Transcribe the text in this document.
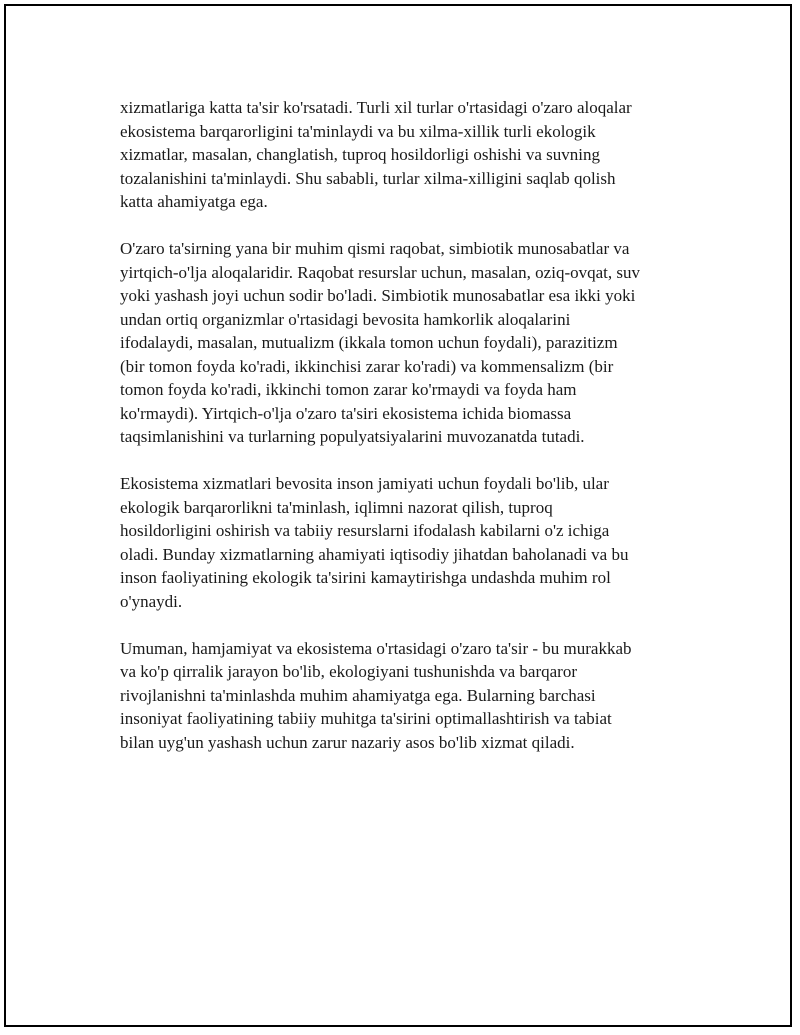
xizmatlariga katta ta'sir ko'rsatadi. Turli xil turlar o'rtasidagi o'zaro aloqalar
ekosistema barqarorligini ta'minlaydi va bu xilma-xillik turli ekologik
xizmatlar, masalan, changlatish, tuproq hosildorligi oshishi va suvning
tozalanishini ta'minlaydi. Shu sababli, turlar xilma-xilligini saqlab qolish
katta ahamiyatga ega.

O'zaro ta'sirning yana bir muhim qismi raqobat, simbiotik munosabatlar va
yirtqich-o'lja aloqalaridir. Raqobat resurslar uchun, masalan, oziq-ovqat, suv
yoki yashash joyi uchun sodir bo'ladi. Simbiotik munosabatlar esa ikki yoki
undan ortiq organizmlar o'rtasidagi bevosita hamkorlik aloqalarini
ifodalaydi, masalan, mutualizm (ikkala tomon uchun foydali), parazitizm
(bir tomon foyda ko'radi, ikkinchisi zarar ko'radi) va kommensalizm (bir
tomon foyda ko'radi, ikkinchi tomon zarar ko'rmaydi va foyda ham
ko'rmaydi). Yirtqich-o'lja o'zaro ta'siri ekosistema ichida biomassa
taqsimlanishini va turlarning populyatsiyalarini muvozanatda tutadi.

Ekosistema xizmatlari bevosita inson jamiyati uchun foydali bo'lib, ular
ekologik barqarorlikni ta'minlash, iqlimni nazorat qilish, tuproq
hosildorligini oshirish va tabiiy resurslarni ifodalash kabilarni o'z ichiga
oladi. Bunday xizmatlarning ahamiyati iqtisodiy jihatdan baholanadi va bu
inson faoliyatining ekologik ta'sirini kamaytirishga undashda muhim rol
o'ynaydi.

Umuman, hamjamiyat va ekosistema o'rtasidagi o'zaro ta'sir - bu murakkab
va ko'p qirralik jarayon bo'lib, ekologiyani tushunishda va barqaror
rivojlanishni ta'minlashda muhim ahamiyatga ega. Bularning barchasi
insoniyat faoliyatining tabiiy muhitga ta'sirini optimallashtirish va tabiat
bilan uyg'un yashash uchun zarur nazariy asos bo'lib xizmat qiladi.
